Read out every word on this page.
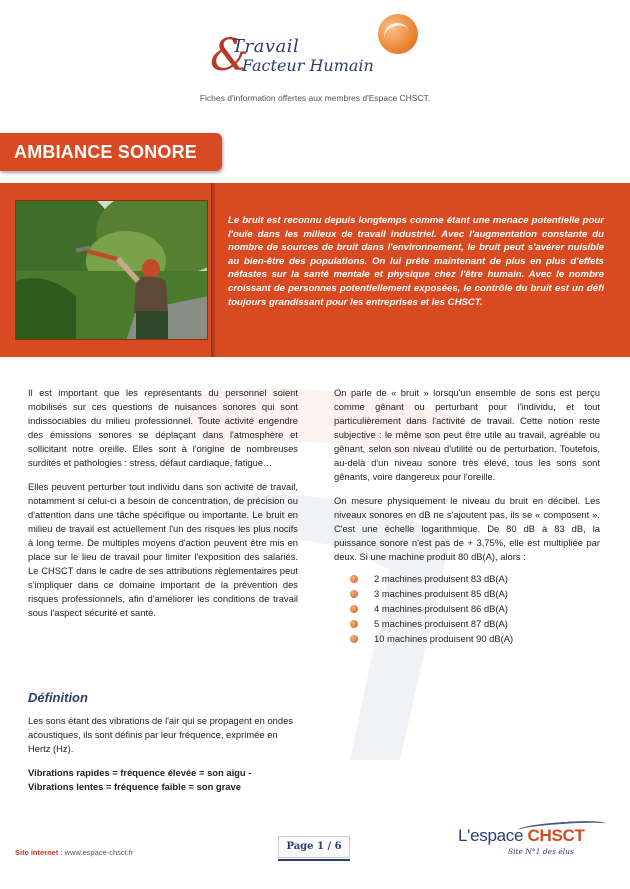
&
Travail
Facteur Humain
Fiches d'information offertes aux membres d'Espace CHSCT.
AMBIANCE SONORE
Le bruit est reconnu depuis longtemps comme étant une menace potentielle pour l'ouïe dans les milieux de travail industriel. Avec l'augmentation constante du nombre de sources de bruit dans l'environnement, le bruit peut s'avérer nuisible au bien-être des populations. On lui prête maintenant de plus en plus d'effets néfastes sur la santé mentale et physique chez l'être humain. Avec le nombre croissant de personnes potentiellement exposées, le contrôle du bruit est un défi toujours grandissant pour les entreprises et les CHSCT.

Il est important que les représentants du personnel soient mobilisés sur ces questions de nuisances sonores qui sont indissociables du milieu professionnel. Toute activité engendre des émissions sonores se déplaçant dans l'atmosphère et sollicitant notre oreille. Elles sont à l'origine de nombreuses surdités et pathologies : stress, défaut cardiaque, fatigue…

Elles peuvent perturber tout individu dans son activité de travail, notamment si celui-ci a besoin de concentration, de précision ou d'attention dans une tâche spécifique ou importante. Le bruit en milieu de travail est actuellement l'un des risques les plus nocifs à long terme. De multiples moyens d'action peuvent être mis en place sur le lieu de travail pour limiter l'exposition des salariés. Le CHSCT dans le cadre de ses attributions règlementaires peut s'impliquer dans ce domaine important de la prévention des risques professionnels, afin d'améliorer les conditions de travail sous l'aspect sécurité et santé.

Définition

Les sons étant des vibrations de l'air qui se propagent en ondes acoustiques, ils sont définis par leur fréquence, exprimée en Hertz (Hz).

Vibrations rapides = fréquence élevée = son aigu - Vibrations lentes = fréquence faible = son grave

On parle de « bruit » lorsqu'un ensemble de sons est perçu comme gênant ou perturbant pour l'individu, et tout particulièrement dans l'activité de travail. Cette notion reste subjective : le même son peut être utile au travail, agréable ou gênant, selon son niveau d'utilité ou de perturbation. Toutefois, au-delà d'un niveau sonore très élevé, tous les sons sont gênants, voire dangereux pour l'oreille.

On mesure physiquement le niveau du bruit en décibel. Les niveaux sonores en dB ne s'ajoutent pas, ils se « composent ». C'est une échelle logarithmique. De 80 dB à 83 dB, la puissance sonore n'est pas de + 3,75%, elle est multipliée par deux. Si une machine produit 80 dB(A), alors :

2 machines produisent 83 dB(A)
3 machines produisent 85 dB(A)
4 machines produisent 86 dB(A)
5 machines produisent 87 dB(A)
10 machines produisent 90 dB(A)
Site internet : www.espace-chsct.fr
Page 1 / 6
L'espace CHSCT
Site N°1 des élus
